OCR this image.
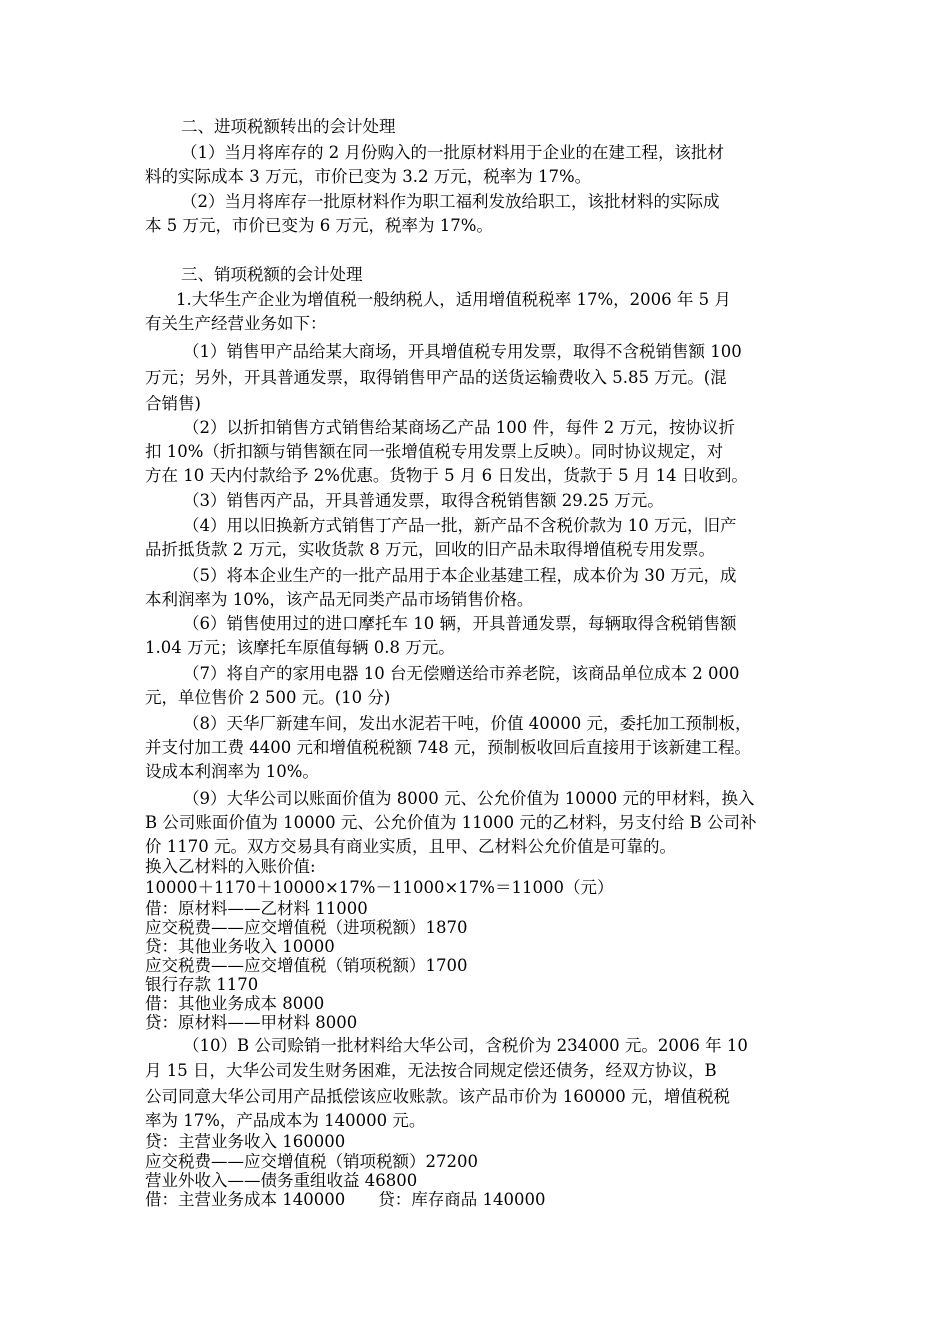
二、进项税额转出的会计处理
（1）当月将库存的 2 月份购入的一批原材料用于企业的在建工程，该批材
料的实际成本 3 万元，市价已变为 3.2 万元，税率为 17%。
（2）当月将库存一批原材料作为职工福利发放给职工，该批材料的实际成
本 5 万元，市价已变为 6 万元，税率为 17%。
三、销项税额的会计处理
1.大华生产企业为增值税一般纳税人，适用增值税税率 17%，2006 年 5 月
有关生产经营业务如下：
（1）销售甲产品给某大商场，开具增值税专用发票，取得不含税销售额 100
万元；另外，开具普通发票，取得销售甲产品的送货运输费收入 5.85 万元。(混
合销售)
（2）以折扣销售方式销售给某商场乙产品 100 件，每件 2 万元，按协议折
扣 10%（折扣额与销售额在同一张增值税专用发票上反映）。同时协议规定，对
方在 10 天内付款给予 2%优惠。货物于 5 月 6 日发出，货款于 5 月 14 日收到。
（3）销售丙产品，开具普通发票，取得含税销售额 29.25 万元。
（4）用以旧换新方式销售丁产品一批，新产品不含税价款为 10 万元，旧产
品折抵货款 2 万元，实收货款 8 万元，回收的旧产品未取得增值税专用发票。
（5）将本企业生产的一批产品用于本企业基建工程，成本价为 30 万元，成
本利润率为 10%，该产品无同类产品市场销售价格。
（6）销售使用过的进口摩托车 10 辆，开具普通发票，每辆取得含税销售额
1.04 万元；该摩托车原值每辆 0.8 万元。
（7）将自产的家用电器 10 台无偿赠送给市养老院，该商品单位成本 2 000
元，单位售价 2 500 元。(10 分)
（8）天华厂新建车间，发出水泥若干吨，价值 40000 元，委托加工预制板，
并支付加工费 4400 元和增值税税额 748 元，预制板收回后直接用于该新建工程。
设成本利润率为 10%。
（9）大华公司以账面价值为 8000 元、公允价值为 10000 元的甲材料，换入
B 公司账面价值为 10000 元、公允价值为 11000 元的乙材料，另支付给 B 公司补
价 1170 元。双方交易具有商业实质，且甲、乙材料公允价值是可靠的。
换入乙材料的入账价值:
10000＋1170＋10000×17%－11000×17%＝11000（元）
借：原材料——乙材料 11000
应交税费——应交增值税（进项税额）1870
贷：其他业务收入 10000
应交税费——应交增值税（销项税额）1700
银行存款 1170
借：其他业务成本 8000
贷：原材料——甲材料 8000
（10）B 公司赊销一批材料给大华公司，含税价为 234000 元。2006 年 10
月 15 日，大华公司发生财务困难，无法按合同规定偿还债务，经双方协议，B
公司同意大华公司用产品抵偿该应收账款。该产品市价为 160000 元，增值税税
率为 17%，产品成本为 140000 元。
贷：主营业务收入 160000
应交税费——应交增值税（销项税额）27200
营业外收入——债务重组收益 46800
借：主营业务成本 140000　　贷：库存商品 140000
